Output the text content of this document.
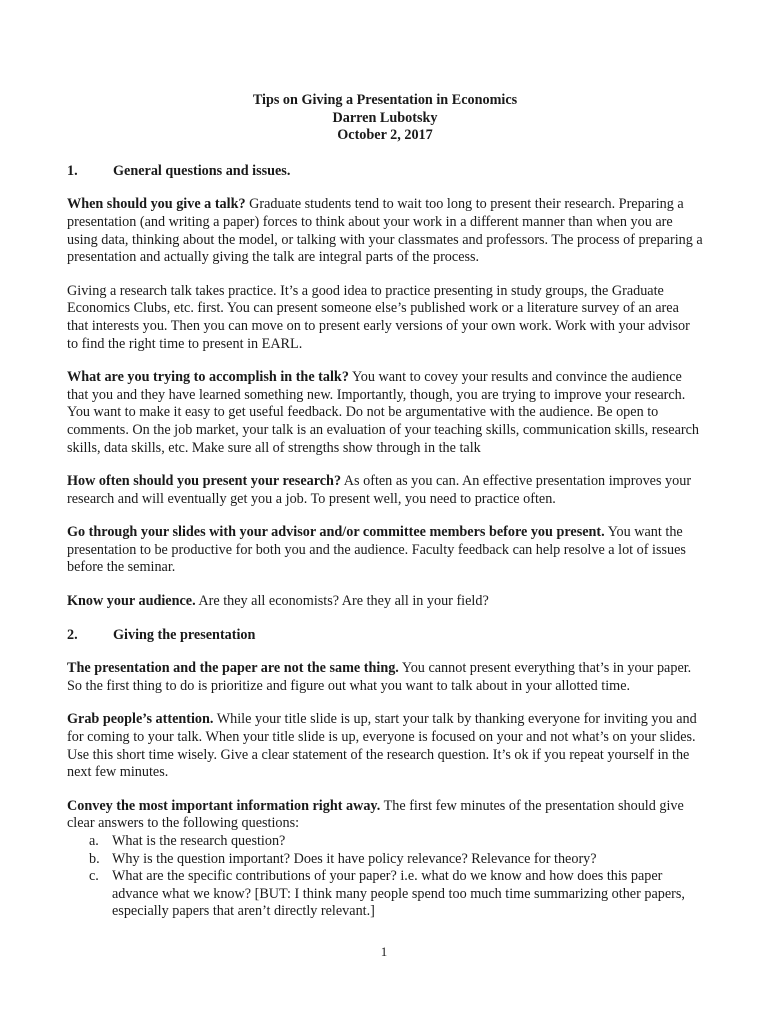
Tips on Giving a Presentation in Economics
Darren Lubotsky
October 2, 2017
1.	General questions and issues.

When should you give a talk? Graduate students tend to wait too long to present their research. Preparing a presentation (and writing a paper) forces to think about your work in a different manner than when you are using data, thinking about the model, or talking with your classmates and professors. The process of preparing a presentation and actually giving the talk are integral parts of the process.

Giving a research talk takes practice. It’s a good idea to practice presenting in study groups, the Graduate Economics Clubs, etc. first. You can present someone else’s published work or a literature survey of an area that interests you. Then you can move on to present early versions of your own work. Work with your advisor to find the right time to present in EARL.

What are you trying to accomplish in the talk? You want to covey your results and convince the audience that you and they have learned something new. Importantly, though, you are trying to improve your research. You want to make it easy to get useful feedback. Do not be argumentative with the audience. Be open to comments. On the job market, your talk is an evaluation of your teaching skills, communication skills, research skills, data skills, etc. Make sure all of strengths show through in the talk

How often should you present your research? As often as you can. An effective presentation improves your research and will eventually get you a job. To present well, you need to practice often.

Go through your slides with your advisor and/or committee members before you present. You want the presentation to be productive for both you and the audience. Faculty feedback can help resolve a lot of issues before the seminar.

Know your audience. Are they all economists? Are they all in your field?

2.	Giving the presentation

The presentation and the paper are not the same thing. You cannot present everything that’s in your paper. So the first thing to do is prioritize and figure out what you want to talk about in your allotted time.

Grab people’s attention. While your title slide is up, start your talk by thanking everyone for inviting you and for coming to your talk. When your title slide is up, everyone is focused on your and not what’s on your slides. Use this short time wisely. Give a clear statement of the research question. It’s ok if you repeat yourself in the next few minutes.

Convey the most important information right away. The first few minutes of the presentation should give clear answers to the following questions:

a. What is the research question?
b. Why is the question important? Does it have policy relevance? Relevance for theory?
c. What are the specific contributions of your paper? i.e. what do we know and how does this paper advance what we know? [BUT: I think many people spend too much time summarizing other papers, especially papers that aren’t directly relevant.]
1
